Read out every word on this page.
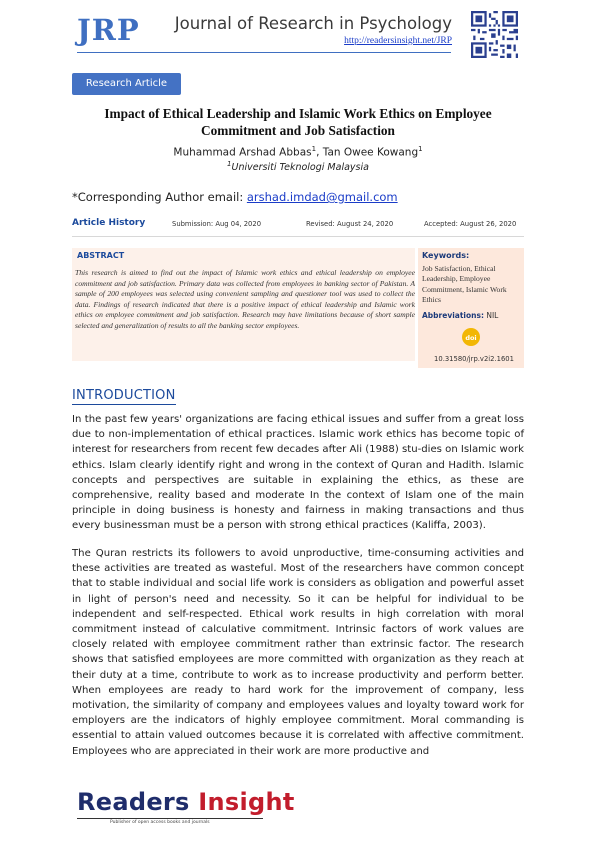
JRP Journal of Research in Psychology
http://readersinsight.net/JRP
Research Article
Impact of Ethical Leadership and Islamic Work Ethics on Employee Commitment and Job Satisfaction
Muhammad Arshad Abbas$^1$, Tan Owee Kowang$^1$
$^1$Universiti Teknologi Malaysia
*Corresponding Author email: arshad.imdad@gmail.com
Article History	Submission: Aug 04, 2020	Revised: August 24, 2020	Accepted: August 26, 2020
ABSTRACT
This research is aimed to find out the impact of Islamic work ethics and ethical leadership on employee commitment and job satisfaction. Primary data was collected from employees in banking sector of Pakistan. A sample of 200 employees was selected using convenient sampling and questioner tool was used to collect the data. Findings of research indicated that there is a positive impact of ethical leadership and Islamic work ethics on employee commitment and job satisfaction. Research may have limitations because of short sample selected and generalization of results to all the banking sector employees.
Keywords:
Job Satisfaction, Ethical Leadership, Employee Commitment, Islamic Work Ethics
Abbreviations: NIL
doi
10.31580/jrp.v2i2.1601
INTRODUCTION
In the past few years' organizations are facing ethical issues and suffer from a great loss due to non-implementation of ethical practices. Islamic work ethics has become topic of interest for researchers from recent few decades after Ali (1988) stu-dies on Islamic work ethics. Islam clearly identify right and wrong in the context of Quran and Hadith. Islamic concepts and perspectives are suitable in explaining the ethics, as these are comprehensive, reality based and moderate In the context of Islam one of the main principle in doing business is honesty and fairness in making transactions and thus every businessman must be a person with strong ethical practices (Kaliffa, 2003).
The Quran restricts its followers to avoid unproductive, time-consuming activities and these activities are treated as wasteful. Most of the researchers have common concept that to stable individual and social life work is considers as obligation and powerful asset in light of person's need and necessity. So it can be helpful for individual to be independent and self-respected. Ethical work results in high correlation with moral commitment instead of calculative commitment. Intrinsic factors of work values are closely related with employee commitment rather than extrinsic factor. The research shows that satisfied employees are more committed with organization as they reach at their duty at a time, contribute to work as to increase productivity and perform better. When employees are ready to hard work for the improvement of company, less motivation, the similarity of company and employees values and loyalty toward work for employers are the indicators of highly employee commitment. Moral commanding is essential to attain valued outcomes because it is correlated with affective commitment. Employees who are appreciated in their work are more productive and
Readers Insight
Publisher of open access books and journals
